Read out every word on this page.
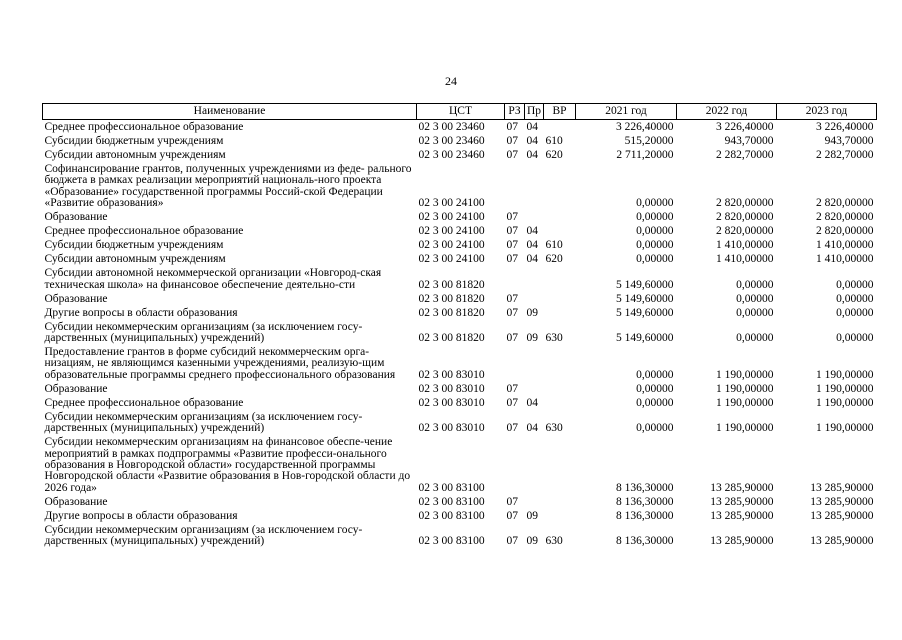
24
Наименование	ЦСТ	РЗ	Пр	ВР	2021 год	2022 год	2023 год
Среднее профессиональное образование	02 3 00 23460	07	04		3 226,40000	3 226,40000	3 226,40000
Субсидии бюджетным учреждениям	02 3 00 23460	07	04	610	515,20000	943,70000	943,70000
Субсидии автономным учреждениям	02 3 00 23460	07	04	620	2 711,20000	2 282,70000	2 282,70000
Софинансирование грантов, полученных учреждениями из феде- рального бюджета в рамках реализации мероприятий националь-ного проекта «Образование» государственной программы Россий-ской Федерации «Развитие образования»	02 3 00 24100				0,00000	2 820,00000	2 820,00000
Образование	02 3 00 24100	07			0,00000	2 820,00000	2 820,00000
Среднее профессиональное образование	02 3 00 24100	07	04		0,00000	2 820,00000	2 820,00000
Субсидии бюджетным учреждениям	02 3 00 24100	07	04	610	0,00000	1 410,00000	1 410,00000
Субсидии автономным учреждениям	02 3 00 24100	07	04	620	0,00000	1 410,00000	1 410,00000
Субсидии автономной некоммерческой организации «Новгород-ская техническая школа» на финансовое обеспечение деятельно-сти	02 3 00 81820				5 149,60000	0,00000	0,00000
Образование	02 3 00 81820	07			5 149,60000	0,00000	0,00000
Другие вопросы в области образования	02 3 00 81820	07	09		5 149,60000	0,00000	0,00000
Субсидии некоммерческим организациям (за исключением госу-дарственных (муниципальных) учреждений)	02 3 00 81820	07	09	630	5 149,60000	0,00000	0,00000
Предоставление грантов в форме субсидий некоммерческим орга-низациям, не являющимся казенными учреждениями, реализую-щим образовательные программы среднего профессионального образования	02 3 00 83010				0,00000	1 190,00000	1 190,00000
Образование	02 3 00 83010	07			0,00000	1 190,00000	1 190,00000
Среднее профессиональное образование	02 3 00 83010	07	04		0,00000	1 190,00000	1 190,00000
Субсидии некоммерческим организациям (за исключением госу-дарственных (муниципальных) учреждений)	02 3 00 83010	07	04	630	0,00000	1 190,00000	1 190,00000
Субсидии некоммерческим организациям на финансовое обеспе-чение мероприятий в рамках подпрограммы «Развитие професси-онального образования в Новгородской области» государственной программы Новгородской области «Развитие образования в Нов-городской области до 2026 года»	02 3 00 83100				8 136,30000	13 285,90000	13 285,90000
Образование	02 3 00 83100	07			8 136,30000	13 285,90000	13 285,90000
Другие вопросы в области образования	02 3 00 83100	07	09		8 136,30000	13 285,90000	13 285,90000
Субсидии некоммерческим организациям (за исключением госу-дарственных (муниципальных) учреждений)	02 3 00 83100	07	09	630	8 136,30000	13 285,90000	13 285,90000
